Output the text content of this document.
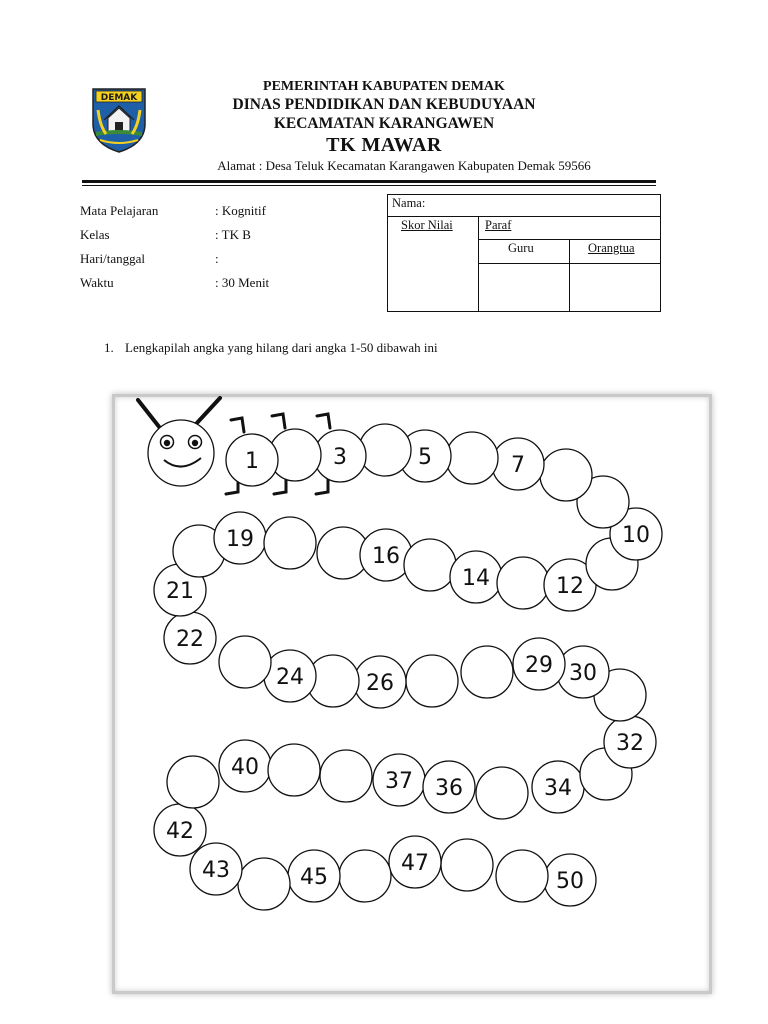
DEMAK
PEMERINTAH KABUPATEN DEMAK
DINAS PENDIDIKAN DAN KEBUDUYAAN
KECAMATAN KARANGAWEN
TK MAWAR
Alamat : Desa Teluk Kecamatan Karangawen Kabupaten Demak 59566
Mata Pelajaran	: Kognitif
Kelas	: TK B
Hari/tanggal	:
Waktu	: 30 Menit
Nama:
Skor Nilai	Paraf
Guru	Orangtua
1. Lengkapilah angka yang hilang dari angka 1-50 dibawah ini
50
47
45
43
42
40
37 36	34
32
30
29
26
24
22
21
19
16
14	12
10
7
5
3
1
